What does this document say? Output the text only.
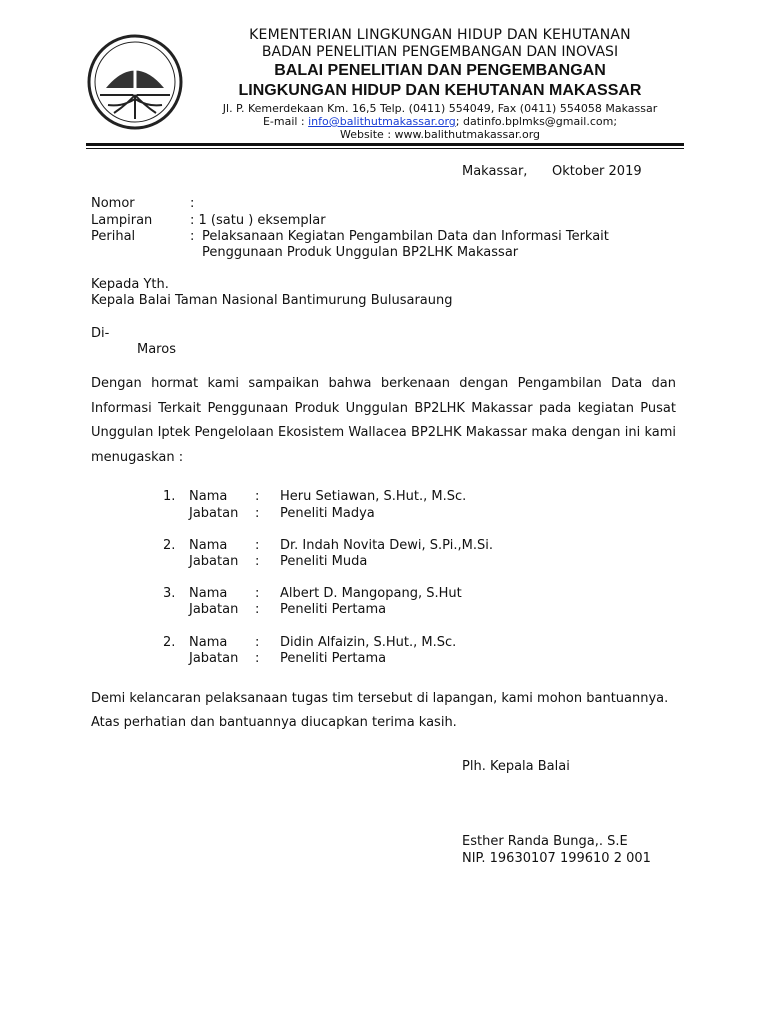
KEMENTERIAN LINGKUNGAN HIDUP DAN KEHUTANAN
BADAN PENELITIAN PENGEMBANGAN DAN INOVASI
BALAI PENELITIAN DAN PENGEMBANGAN
LINGKUNGAN HIDUP DAN KEHUTANAN MAKASSAR
Jl. P. Kemerdekaan Km. 16,5 Telp. (0411) 554049, Fax (0411) 554058 Makassar
E-mail : info@balithutmakassar.org; datinfo.bplmks@gmail.com;
Website : www.balithutmakassar.org
Makassar, Oktober 2019
Nomor	:
Lampiran	: 1 (satu ) eksemplar
Perihal	: Pelaksanaan Kegiatan Pengambilan Data dan Informasi Terkait
Penggunaan Produk Unggulan BP2LHK Makassar
Kepada Yth.
Kepala Balai Taman Nasional Bantimurung Bulusaraung
Di-
Maros
Dengan hormat kami sampaikan bahwa berkenaan dengan Pengambilan Data dan Informasi Terkait Penggunaan Produk Unggulan BP2LHK Makassar pada kegiatan Pusat Unggulan Iptek Pengelolaan Ekosistem Wallacea BP2LHK Makassar maka dengan ini kami menugaskan :
1. Nama : Heru Setiawan, S.Hut., M.Sc.
Jabatan : Peneliti Madya
2. Nama : Dr. Indah Novita Dewi, S.Pi.,M.Si.
Jabatan : Peneliti Muda
3. Nama : Albert D. Mangopang, S.Hut
Jabatan : Peneliti Pertama
2. Nama : Didin Alfaizin, S.Hut., M.Sc.
Jabatan : Peneliti Pertama
Demi kelancaran pelaksanaan tugas tim tersebut di lapangan, kami mohon bantuannya.
Atas perhatian dan bantuannya diucapkan terima kasih.
Plh. Kepala Balai
Esther Randa Bunga,. S.E
NIP. 19630107 199610 2 001
